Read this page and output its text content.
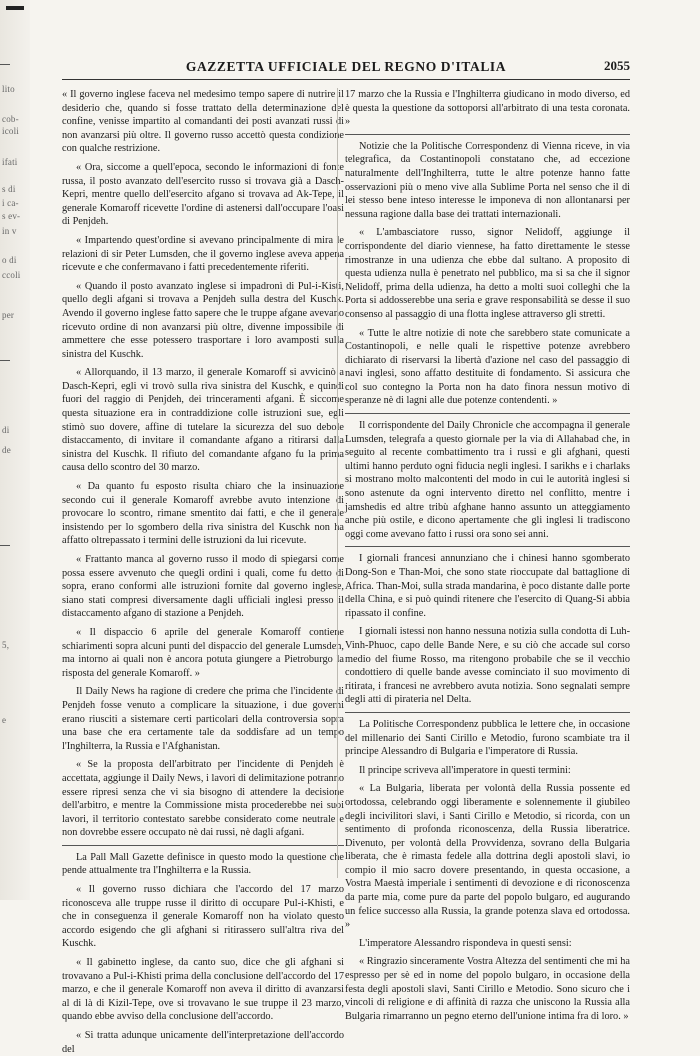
lito
cob-
icoli
ifati
s di
i ca-
s ev-
in v
o di
ccoli
per
di
de
5,
e
GAZZETTA UFFICIALE DEL REGNO D'ITALIA	2055

« Il governo inglese faceva nel medesimo tempo sapere di nutrire il desiderio che, quando si fosse trattato della determinazione del confine, venisse impartito al comandanti dei posti avanzati russi di non avanzarsi più oltre. Il governo russo accettò questa condizione con qualche restrizione.

« Ora, siccome a quell'epoca, secondo le informazioni di fonte russa, il posto avanzato dell'esercito russo si trovava già a Dasch-Kepri, mentre quello dell'esercito afgano si trovava ad Ak-Tepe, il generale Komaroff ricevette l'ordine di astenersi dall'occupare l'oasi di Penjdeh.

« Impartendo quest'ordine si avevano principalmente di mira le relazioni di sir Peter Lumsden, che il governo inglese aveva appena ricevute e che confermavano i fatti precedentemente riferiti.

« Quando il posto avanzato inglese si impadronì di Pul-i-Kisti, quello degli afgani si trovava a Penjdeh sulla destra del Kuschk. Avendo il governo inglese fatto sapere che le truppe afgane avevano ricevuto ordine di non avanzarsi più oltre, divenne impossibile di ammettere che esse potessero trasportare i loro avamposti sulla sinistra del Kuschk.

« Allorquando, il 13 marzo, il generale Komaroff si avvicinò a Dasch-Kepri, egli vi trovò sulla riva sinistra del Kuschk, e quindi fuori del raggio di Penjdeh, dei trinceramenti afgani. È siccome questa situazione era in contraddizione colle istruzioni sue, egli stimò suo dovere, affine di tutelare la sicurezza del suo debole distaccamento, di invitare il comandante afgano a ritirarsi dalla sinistra del Kuschk. Il rifiuto del comandante afgano fu la prima causa dello scontro del 30 marzo.

« Da quanto fu esposto risulta chiaro che la insinuazione secondo cui il generale Komaroff avrebbe avuto intenzione di provocare lo scontro, rimane smentito dai fatti, e che il generale insistendo per lo sgombero della riva sinistra del Kuschk non ha affatto oltrepassato i termini delle istruzioni da lui ricevute.

« Frattanto manca al governo russo il modo di spiegarsi come possa essere avvenuto che quegli ordini i quali, come fu detto di sopra, erano conformi alle istruzioni fornite dal governo inglese, siano stati compresi diversamente dagli ufficiali inglesi presso il distaccamento afgano di stazione a Penjdeh.

« Il dispaccio 6 aprile del generale Komaroff contiene schiarimenti sopra alcuni punti del dispaccio del generale Lumsden, ma intorno ai quali non è ancora potuta giungere a Pietroburgo la risposta del generale Komaroff. »

Il Daily News ha ragione di credere che prima che l'incidente di Penjdeh fosse venuto a complicare la situazione, i due governi erano riusciti a sistemare certi particolari della controversia sopra una base che era certamente tale da soddisfare ad un tempo l'Inghilterra, la Russia e l'Afghanistan.

« Se la proposta dell'arbitrato per l'incidente di Penjdeh è accettata, aggiunge il Daily News, i lavori di delimitazione potranno essere ripresi senza che vi sia bisogno di attendere la decisione dell'arbitro, e mentre la Commissione mista procederebbe nei suoi lavori, il territorio contestato sarebbe considerato come neutrale e non dovrebbe essere occupato nè dai russi, nè dagli afgani.

La Pall Mall Gazette definisce in questo modo la questione che pende attualmente tra l'Inghilterra e la Russia.

« Il governo russo dichiara che l'accordo del 17 marzo riconosceva alle truppe russe il diritto di occupare Pul-i-Khisti, e che in conseguenza il generale Komaroff non ha violato questo accordo esigendo che gli afghani si ritirassero sull'altra riva del Kuschk.

« Il gabinetto inglese, da canto suo, dice che gli afghani si trovavano a Pul-i-Khisti prima della conclusione dell'accordo del 17 marzo, e che il generale Komaroff non aveva il diritto di avanzarsi al di là di Kizil-Tepe, ove si trovavano le sue truppe il 23 marzo, quando ebbe avviso della conclusione dell'accordo.

« Si tratta adunque unicamente dell'interpretazione dell'accordo del

17 marzo che la Russia e l'Inghilterra giudicano in modo diverso, ed è questa la questione da sottoporsi all'arbitrato di una testa coronata. »

Notizie che la Politische Correspondenz di Vienna riceve, in via telegrafica, da Costantinopoli constatano che, ad eccezione naturalmente dell'Inghilterra, tutte le altre potenze hanno fatte osservazioni più o meno vive alla Sublime Porta nel senso che il di lei stesso bene inteso interesse le imponeva di non allontanarsi per nessuna ragione dalla base dei trattati internazionali.

« L'ambasciatore russo, signor Nelidoff, aggiunge il corrispondente del diario viennese, ha fatto direttamente le stesse rimostranze in una udienza che ebbe dal sultano. A proposito di questa udienza nulla è penetrato nel pubblico, ma si sa che il signor Nelidoff, prima della udienza, ha detto a molti suoi colleghi che la Porta si addosserebbe una seria e grave responsabilità se desse il suo consenso al passaggio di una flotta inglese attraverso gli stretti.

« Tutte le altre notizie di note che sarebbero state comunicate a Costantinopoli, e nelle quali le rispettive potenze avrebbero dichiarato di riservarsi la libertà d'azione nel caso del passaggio di navi inglesi, sono affatto destituite di fondamento. Si assicura che col suo contegno la Porta non ha dato finora nessun motivo di speranze nè di lagni alle due potenze contendenti. »

Il corrispondente del Daily Chronicle che accompagna il generale Lumsden, telegrafa a questo giornale per la via di Allahabad che, in seguito al recente combattimento tra i russi e gli afghani, questi ultimi hanno perduto ogni fiducia negli inglesi. I sarikhs e i charlaks si mostrano molto malcontenti del modo in cui le autorità inglesi si sono astenute da ogni intervento diretto nel conflitto, mentre i jamshedis ed altre tribù afghane hanno assunto un atteggiamento anche più ostile, e dicono apertamente che gli inglesi li tradiscono oggi come avevano fatto i russi ora sono sei anni.

I giornali francesi annunziano che i chinesi hanno sgomberato Dong-Son e Than-Moi, che sono state rioccupate dal battaglione di Africa. Than-Moi, sulla strada mandarina, è poco distante dalle porte della China, e si può quindi ritenere che l'esercito di Quang-Si abbia ripassato il confine.

I giornali istessi non hanno nessuna notizia sulla condotta di Luh-Vinh-Phuoc, capo delle Bande Nere, e su ciò che accade sul corso medio del fiume Rosso, ma ritengono probabile che se il vecchio condottiero di quelle bande avesse cominciato il suo movimento di ritirata, i francesi ne avrebbero avuta notizia. Sono segnalati sempre degli atti di pirateria nel Delta.

La Politische Correspondenz pubblica le lettere che, in occasione del millenario dei Santi Cirillo e Metodio, furono scambiate tra il principe Alessandro di Bulgaria e l'imperatore di Russia.

Il principe scriveva all'imperatore in questi termini:

« La Bulgaria, liberata per volontà della Russia possente ed ortodossa, celebrando oggi liberamente e solennemente il giubileo degli incivilitori slavi, i Santi Cirillo e Metodio, si ricorda, con un sentimento di profonda riconoscenza, della Russia liberatrice. Divenuto, per volontà della Provvidenza, sovrano della Bulgaria liberata, che è rimasta fedele alla dottrina degli apostoli slavi, io compio il mio sacro dovere presentando, in questa occasione, a Vostra Maestà imperiale i sentimenti di devozione e di riconoscenza da parte mia, come pure da parte del popolo bulgaro, ed augurando un felice successo alla Russia, la grande potenza slava ed ortodossa. »

L'imperatore Alessandro rispondeva in questi sensi:

« Ringrazio sinceramente Vostra Altezza del sentimenti che mi ha espresso per sè ed in nome del popolo bulgaro, in occasione della festa degli apostoli slavi, Santi Cirillo e Metodio. Sono sicuro che i vincoli di religione e di affinità di razza che uniscono la Russia alla Bulgaria rimarranno un pegno eterno dell'unione intima fra di loro. »
